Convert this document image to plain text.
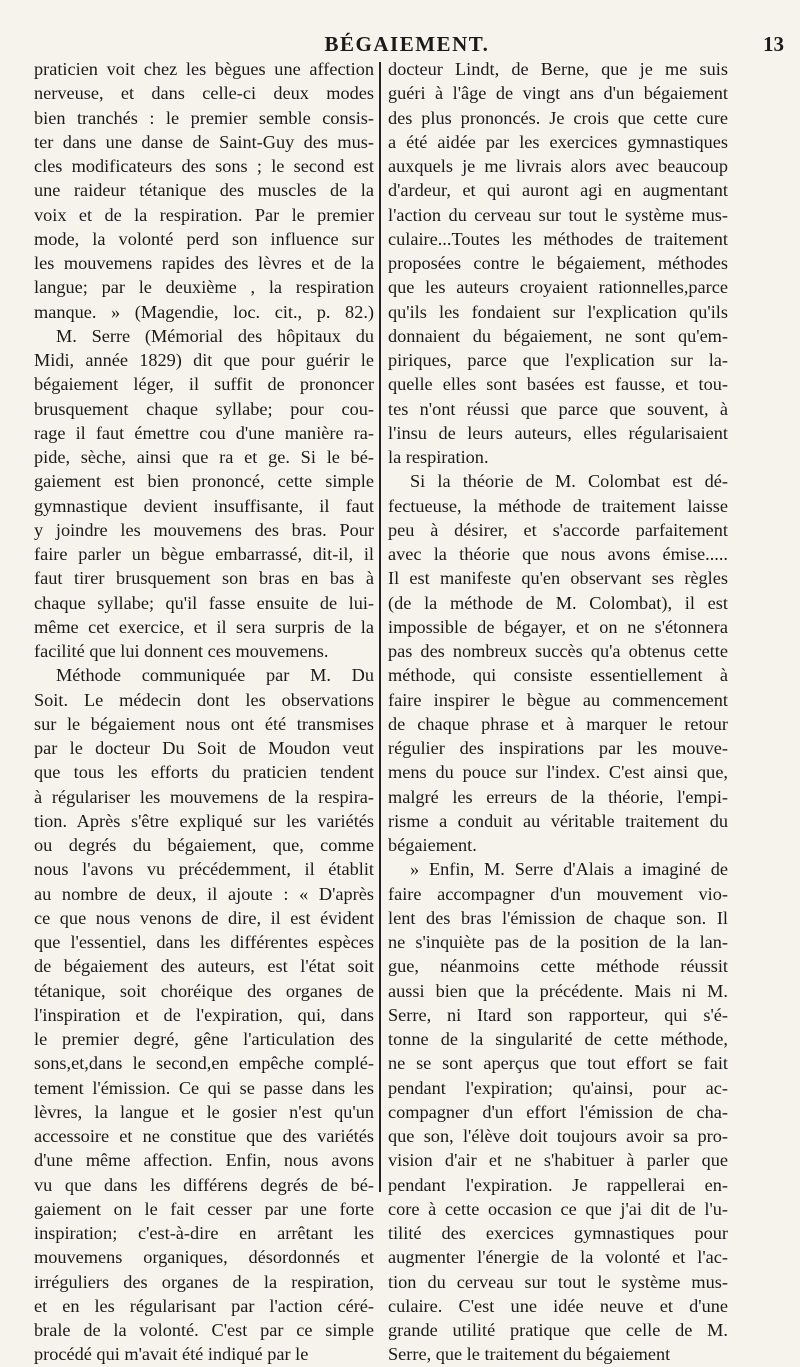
BÉGAIEMENT.	13
praticien voit chez les bègues une affection
nerveuse, et dans celle-ci deux modes
bien tranchés : le premier semble consis-
ter dans une danse de Saint-Guy des mus-
cles modificateurs des sons ; le second est
une raideur tétanique des muscles de la
voix et de la respiration. Par le premier
mode, la volonté perd son influence sur
les mouvemens rapides des lèvres et de la
langue; par le deuxième , la respiration
manque. » (Magendie, loc. cit., p. 82.)
M. Serre (Mémorial des hôpitaux du
Midi, année 1829) dit que pour guérir le
bégaiement léger, il suffit de prononcer
brusquement chaque syllabe; pour cou-
rage il faut émettre cou d'une manière ra-
pide, sèche, ainsi que ra et ge. Si le bé-
gaiement est bien prononcé, cette simple
gymnastique devient insuffisante, il faut
y joindre les mouvemens des bras. Pour
faire parler un bègue embarrassé, dit-il, il
faut tirer brusquement son bras en bas à
chaque syllabe; qu'il fasse ensuite de lui-
même cet exercice, et il sera surpris de la
facilité que lui donnent ces mouvemens.
Méthode communiquée par M. Du
Soit. Le médecin dont les observations
sur le bégaiement nous ont été transmises
par le docteur Du Soit de Moudon veut
que tous les efforts du praticien tendent
à régulariser les mouvemens de la respira-
tion. Après s'être expliqué sur les variétés
ou degrés du bégaiement, que, comme
nous l'avons vu précédemment, il établit
au nombre de deux, il ajoute : « D'après
ce que nous venons de dire, il est évident
que l'essentiel, dans les différentes espèces
de bégaiement des auteurs, est l'état soit
tétanique, soit choréique des organes de
l'inspiration et de l'expiration, qui, dans
le premier degré, gêne l'articulation des
sons,et,dans le second,en empêche complé-
tement l'émission. Ce qui se passe dans les
lèvres, la langue et le gosier n'est qu'un
accessoire et ne constitue que des variétés
d'une même affection. Enfin, nous avons
vu que dans les différens degrés de bé-
gaiement on le fait cesser par une forte
inspiration; c'est-à-dire en arrêtant les
mouvemens organiques, désordonnés et
irréguliers des organes de la respiration,
et en les régularisant par l'action céré-
brale de la volonté. C'est par ce simple
procédé qui m'avait été indiqué par le
docteur Lindt, de Berne, que je me suis
guéri à l'âge de vingt ans d'un bégaiement
des plus prononcés. Je crois que cette cure
a été aidée par les exercices gymnastiques
auxquels je me livrais alors avec beaucoup
d'ardeur, et qui auront agi en augmentant
l'action du cerveau sur tout le système mus-
culaire...Toutes les méthodes de traitement
proposées contre le bégaiement, méthodes
que les auteurs croyaient rationnelles,parce
qu'ils les fondaient sur l'explication qu'ils
donnaient du bégaiement, ne sont qu'em-
piriques, parce que l'explication sur la-
quelle elles sont basées est fausse, et tou-
tes n'ont réussi que parce que souvent, à
l'insu de leurs auteurs, elles régularisaient
la respiration.
Si la théorie de M. Colombat est dé-
fectueuse, la méthode de traitement laisse
peu à désirer, et s'accorde parfaitement
avec la théorie que nous avons émise.....
Il est manifeste qu'en observant ses règles
(de la méthode de M. Colombat), il est
impossible de bégayer, et on ne s'étonnera
pas des nombreux succès qu'a obtenus cette
méthode, qui consiste essentiellement à
faire inspirer le bègue au commencement
de chaque phrase et à marquer le retour
régulier des inspirations par les mouve-
mens du pouce sur l'index. C'est ainsi que,
malgré les erreurs de la théorie, l'empi-
risme a conduit au véritable traitement du
bégaiement.
» Enfin, M. Serre d'Alais a imaginé de
faire accompagner d'un mouvement vio-
lent des bras l'émission de chaque son. Il
ne s'inquiète pas de la position de la lan-
gue, néanmoins cette méthode réussit
aussi bien que la précédente. Mais ni M.
Serre, ni Itard son rapporteur, qui s'é-
tonne de la singularité de cette méthode,
ne se sont aperçus que tout effort se fait
pendant l'expiration; qu'ainsi, pour ac-
compagner d'un effort l'émission de cha-
que son, l'élève doit toujours avoir sa pro-
vision d'air et ne s'habituer à parler que
pendant l'expiration. Je rappellerai en-
core à cette occasion ce que j'ai dit de l'u-
tilité des exercices gymnastiques pour
augmenter l'énergie de la volonté et l'ac-
tion du cerveau sur tout le système mus-
culaire. C'est une idée neuve et d'une
grande utilité pratique que celle de M.
Serre, que le traitement du bégaiement
